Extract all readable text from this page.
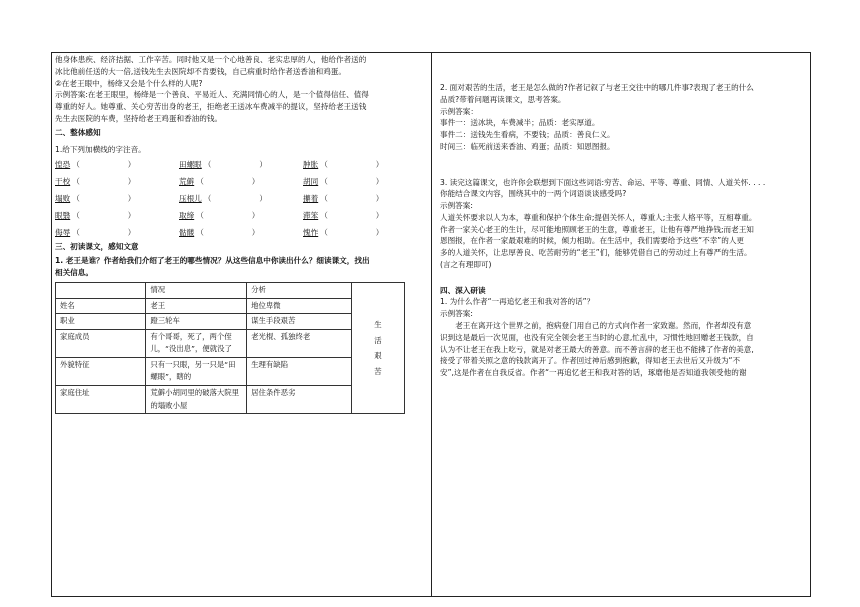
他身体患疾、经济拮据、工作辛苦。同时他又是一个心地善良、老实忠厚的人，他给作者送的

冰比他前任送的大一倍,送钱先生去医院却不肯要钱，自己病重时给作者送香油和鸡蛋。

②在老王眼中，杨绛又会是个什么样的人呢?

示例答案:在老王眼里，杨绛是一个善良、平易近人、充满同情心的人，是一个值得信任、值得

尊重的好人。她尊重、关心穷苦出身的老王，拒绝老王送冰车费减半的提议，坚持给老王送钱

先生去医院的车费，坚持给老王鸡蛋和香油的钱。

二、整体感知

1.给下列加横线的字注音。

惶恐 （	）	田螺眼 （	）	肿胀 （	）
干校 （	）	荒僻 （	）	胡同 （	）
塌败 （	）	压根儿 （	）	攥着 （	）
眼翳 （	）	取缔 （	）	滞笨 （	）
侮辱 （	）	骷髅 （	）	愧怍 （	）

三、初读课文，感知文意

1. 老王是谁？作者给我们介绍了老王的哪些情况？从这些信息中你读出什么？细读课文，找出

相关信息。

	情况	分析	生
活
艰
苦

姓名	老王	地位卑微	
职业	蹬三轮车	谋生手段艰苦	
家庭成员	有个哥哥，死了，两个侄儿，“没出息”，便就没了	老光棍、孤独终老	
外貌特征	只有一只眼，另一只是“田螺眼”，瞎的	生理有缺陷	
家庭住址	荒僻小胡同里的破落大院里的塌败小屋	居住条件恶劣	

2. 面对艰苦的生活，老王是怎么做的?作者记叙了与老王交往中的哪几件事?表现了老王的什么

品质?带着问题再读课文，思考答案。

示例答案：

事件一：送冰块，车费减半；品质：老实厚道。

事件二：送钱先生看病，不要钱；品质：善良仁义。

时间三：临死前送来香油、鸡蛋；品质：知恩图报。

3. 读完这篇课文，也许你会联想到下面这些词语:穷苦、命运、平等、尊重、同情、人道关怀. . . .

你能结合课文内容，围绕其中的一两个词语谈谈感受吗?

示例答案:

人道关怀要求以人为本，尊重和保护个体生命;提倡关怀人，尊重人;主张人格平等，互相尊重。

作者一家关心老王的生计，尽可能地照顾老王的生意，尊重老王，让他有尊严地挣钱;而老王知

恩图报，在作者一家最艰难的时候，倾力相助。在生活中，我们需要给予这些“不幸”的人更

多的人道关怀，让忠厚善良、吃苦耐劳的“老王”们，能够凭借自己的劳动过上有尊严的生活。

(言之有理即可)

四、深入研读

1. 为什么作者“一再追忆老王和我对答的话”？

示例答案:

老王在离开这个世界之前，抱病登门用自己的方式向作者一家致谢。然而，作者却没有意

识到这是最后一次见面，也没有完全领会老王当时的心意,忙乱中，习惯性地回赠老王钱款，自

认为不让老王在我上吃亏，就是对老王最大的善意。而不善言辞的老王也不能拂了作者的美意,

接受了带着关照之意的钱款离开了。作者回过神后感到抱歉，得知老王去世后又升级为“不

安”,这是作者在自我反省。作者“一再追忆老王和我对答的话，琢磨他是否知道我领受他的谢
